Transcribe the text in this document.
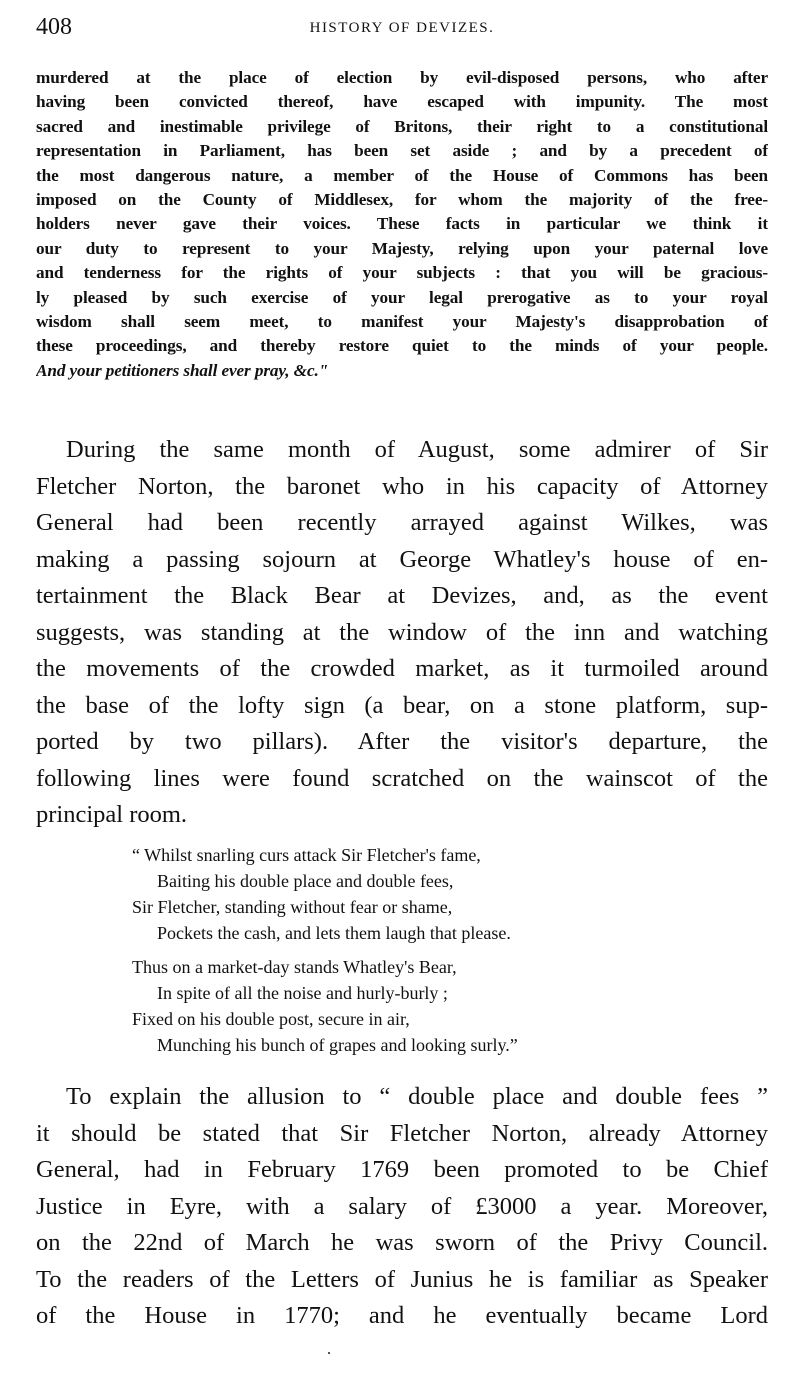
408	HISTORY OF DEVIZES.
murdered at the place of election by evil-disposed persons, who after
having been convicted thereof, have escaped with impunity. The most
sacred and inestimable privilege of Britons, their right to a constitutional
representation in Parliament, has been set aside ; and by a precedent of
the most dangerous nature, a member of the House of Commons has been
imposed on the County of Middlesex, for whom the majority of the free-
holders never gave their voices. These facts in particular we think it
our duty to represent to your Majesty, relying upon your paternal love
and tenderness for the rights of your subjects : that you will be gracious-
ly pleased by such exercise of your legal prerogative as to your royal
wisdom shall seem meet, to manifest your Majesty's disapprobation of
these proceedings, and thereby restore quiet to the minds of your people.
And your petitioners shall ever pray, &c."
During the same month of August, some admirer of Sir
Fletcher Norton, the baronet who in his capacity of Attorney
General had been recently arrayed against Wilkes, was
making a passing sojourn at George Whatley's house of en-
tertainment the Black Bear at Devizes, and, as the event
suggests, was standing at the window of the inn and watching
the movements of the crowded market, as it turmoiled around
the base of the lofty sign (a bear, on a stone platform, sup-
ported by two pillars). After the visitor's departure, the
following lines were found scratched on the wainscot of the
principal room.
“ Whilst snarling curs attack Sir Fletcher's fame,
Baiting his double place and double fees,
Sir Fletcher, standing without fear or shame,
Pockets the cash, and lets them laugh that please.
Thus on a market-day stands Whatley's Bear,
In spite of all the noise and hurly-burly ;
Fixed on his double post, secure in air,
Munching his bunch of grapes and looking surly.”
To explain the allusion to “ double place and double fees ”
it should be stated that Sir Fletcher Norton, already Attorney
General, had in February 1769 been promoted to be Chief
Justice in Eyre, with a salary of £3000 a year. Moreover,
on the 22nd of March he was sworn of the Privy Council.
To the readers of the Letters of Junius he is familiar as Speaker
of the House in 1770; and he eventually became Lord
